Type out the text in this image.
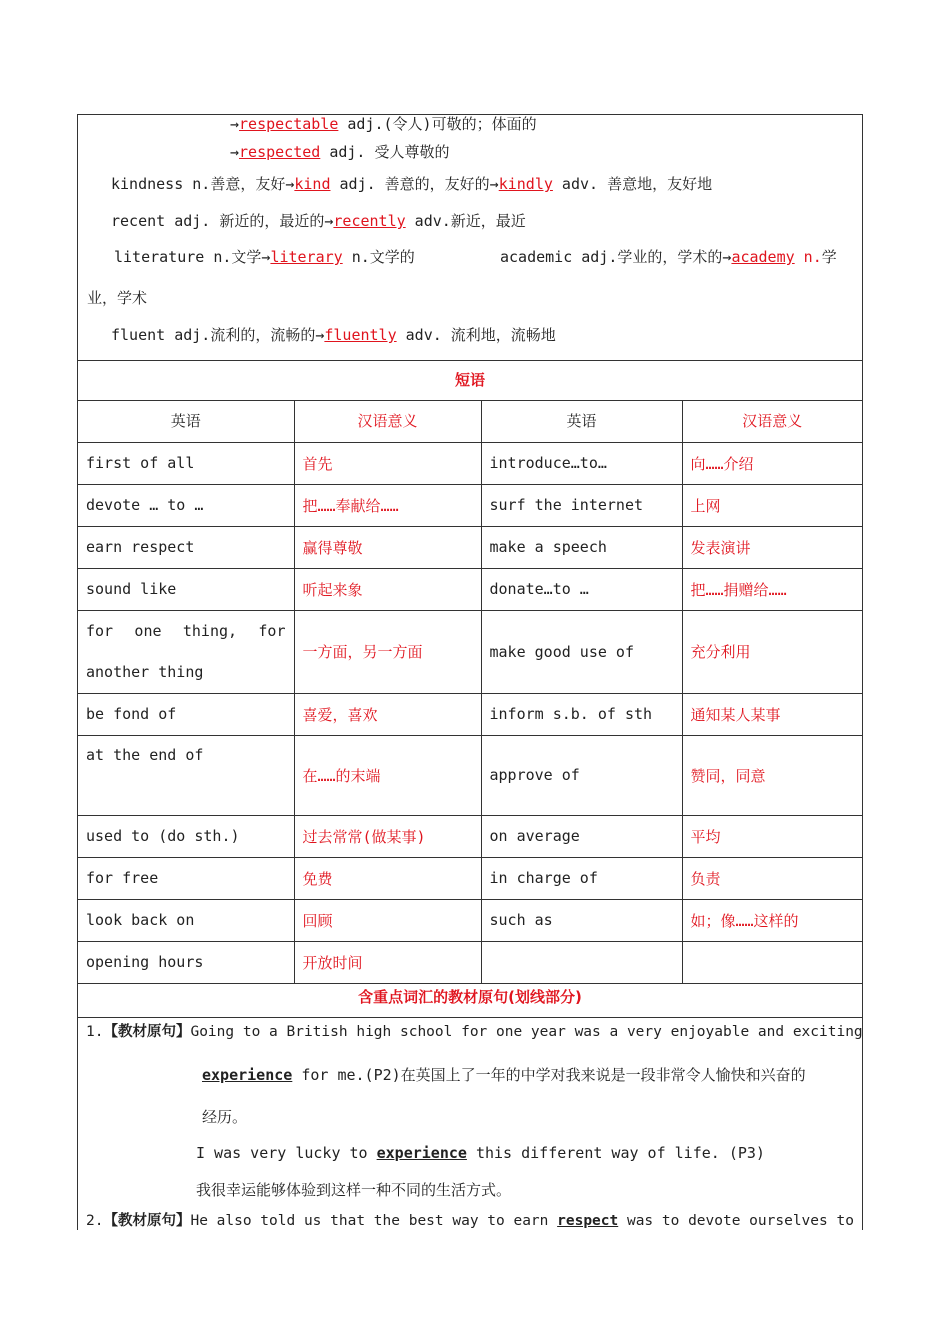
→respectable adj.(令人)可敬的；体面的
→respected adj. 受人尊敬的
kindness n.善意，友好→kind adj. 善意的，友好的→kindly adv. 善意地，友好地
recent adj. 新近的，最近的→recently adv.新近，最近
literature n.文学→literary n.文学的	academic adj.学业的，学术的→academy n.学
业，学术
fluent adj.流利的，流畅的→fluently adv. 流利地，流畅地
短语
英语	汉语意义	英语	汉语意义
first of all	首先	introduce…to…	向……介绍
devote … to …	把……奉献给……	surf the internet	上网
earn respect	赢得尊敬	make a speech	发表演讲
sound like	听起来象	donate…to …	把……捐赠给……
for one thing, for another thing	一方面，另一方面	make good use of	充分利用
be fond of	喜爱，喜欢	inform s.b. of sth	通知某人某事
at the end of	在……的末端	approve of	赞同，同意
used to (do sth.)	过去常常(做某事)	on average	平均
for free	免费	in charge of	负责
look back on	回顾	such as	如；像……这样的
opening hours	开放时间		
含重点词汇的教材原句(划线部分)
1.【教材原句】Going to a British high school for one year was a very enjoyable and exciting
experience for me.(P2)在英国上了一年的中学对我来说是一段非常令人愉快和兴奋的
经历。
I was very lucky to experience this different way of life. (P3)
我很幸运能够体验到这样一种不同的生活方式。
2.【教材原句】He also told us that the best way to earn respect was to devote ourselves to
